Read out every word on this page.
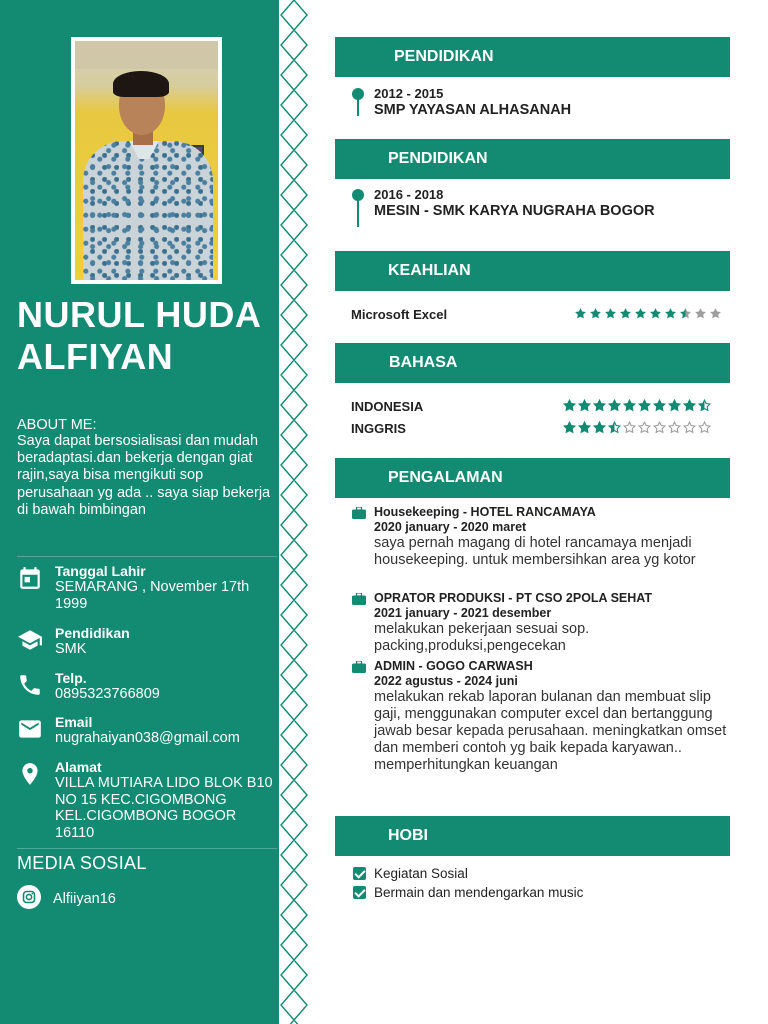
NURUL HUDA
ALFIYAN
ABOUT ME:
Saya dapat bersosialisasi dan mudah beradaptasi.dan bekerja dengan giat rajin,saya bisa mengikuti sop perusahaan yg ada .. saya siap bekerja di bawah bimbingan
Tanggal Lahir
SEMARANG , November 17th 1999
Pendidikan
SMK
Telp.
0895323766809
Email
nugrahaiyan038@gmail.com
Alamat
VILLA MUTIARA LIDO BLOK B10 NO 15 KEC.CIGOMBONG KEL.CIGOMBONG BOGOR 16110
MEDIA SOSIAL
Alfiiyan16
PENDIDIKAN
2012 - 2015
SMP YAYASAN ALHASANAH
PENDIDIKAN
2016 - 2018
MESIN - SMK KARYA NUGRAHA BOGOR
KEAHLIAN
Microsoft Excel
BAHASA
INDONESIA
INGGRIS
PENGALAMAN
Housekeeping - HOTEL RANCAMAYA
2020 january - 2020 maret
saya pernah magang di hotel rancamaya menjadi housekeeping. untuk membersihkan area yg kotor
OPRATOR PRODUKSI - PT CSO 2POLA SEHAT
2021 january - 2021 desember
melakukan pekerjaan sesuai sop. packing,produksi,pengecekan
ADMIN - GOGO CARWASH
2022 agustus - 2024 juni
melakukan rekab laporan bulanan dan membuat slip gaji, menggunakan computer excel dan bertanggung jawab besar kepada perusahaan. meningkatkan omset dan memberi contoh yg baik kepada karyawan.. memperhitungkan keuangan
HOBI
Kegiatan Sosial
Bermain dan mendengarkan music
